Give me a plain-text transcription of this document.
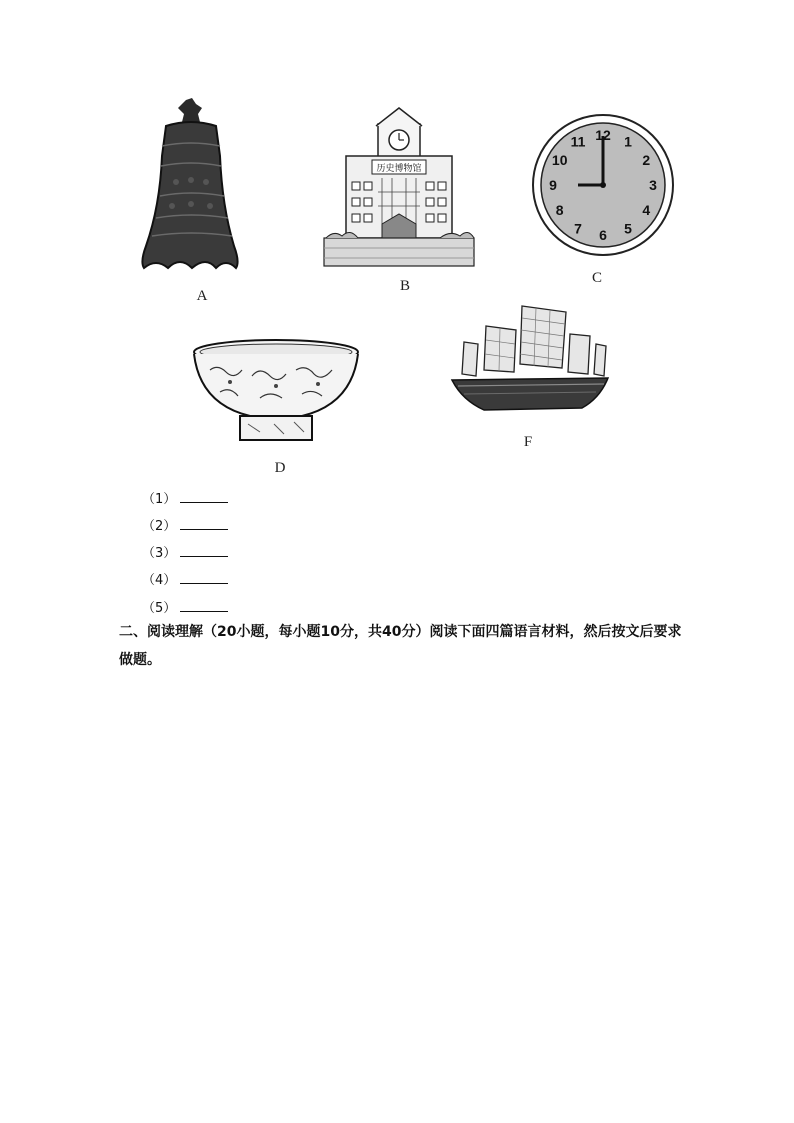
A
历史博物馆
B
12 1
2
3
4
5
6
7
8
9
10
11
C
D
F
（1）
（2）
（3）
（4）
（5）
二、阅读理解（20小题，每小题10分，共40分）阅读下面四篇语言材料，然后按文后要求做题。
